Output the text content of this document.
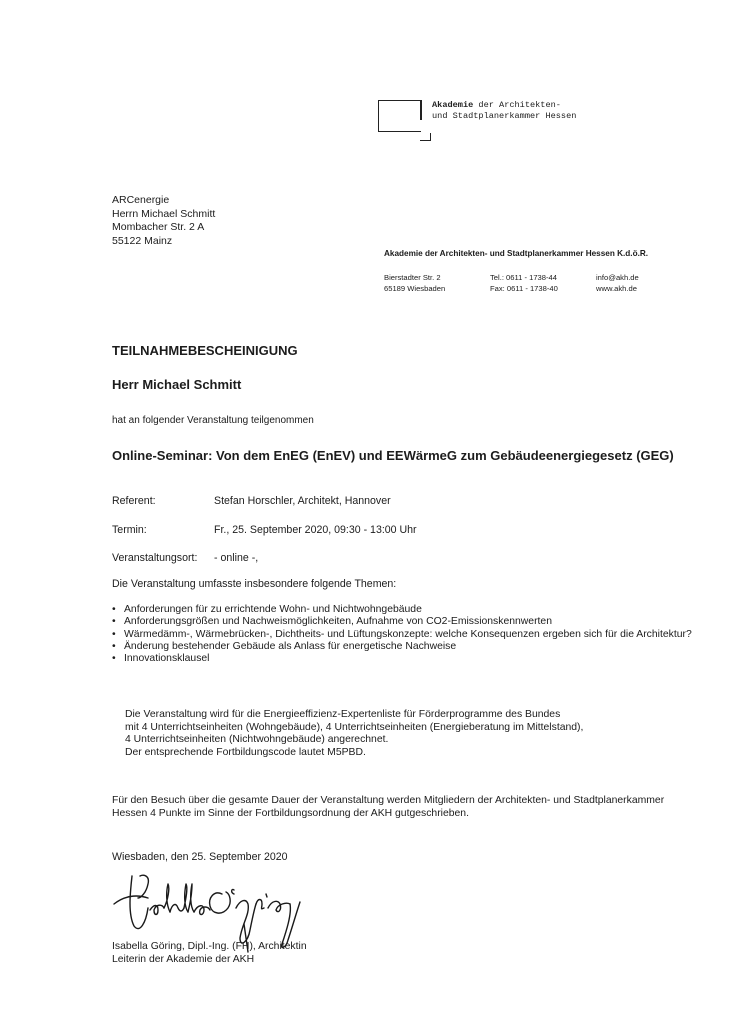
Akademie der Architekten-
und Stadtplanerkammer Hessen
ARCenergie
Herrn Michael Schmitt
Mombacher Str. 2 A
55122 Mainz
Akademie der Architekten- und Stadtplanerkammer Hessen K.d.ö.R.
Bierstadter Str. 2
65189 Wiesbaden
Tel.: 0611 - 1738-44
Fax: 0611 - 1738-40
info@akh.de
www.akh.de
TEILNAHMEBESCHEINIGUNG
Herr Michael Schmitt
hat an folgender Veranstaltung teilgenommen
Online-Seminar: Von dem EnEG (EnEV) und EEWärmeG zum Gebäudeenergiegesetz (GEG)
Referent:	Stefan Horschler, Architekt, Hannover
Termin:	Fr., 25. September 2020, 09:30 - 13:00 Uhr
Veranstaltungsort: - online -,
Die Veranstaltung umfasste insbesondere folgende Themen:
• Anforderungen für zu errichtende Wohn- und Nichtwohngebäude
• Anforderungsgrößen und Nachweismöglichkeiten, Aufnahme von CO2-Emissionskennwerten
• Wärmedämm-, Wärmebrücken-, Dichtheits- und Lüftungskonzepte: welche Konsequenzen ergeben sich für die Architektur?
• Änderung bestehender Gebäude als Anlass für energetische Nachweise
• Innovationsklausel
Die Veranstaltung wird für die Energieeffizienz-Expertenliste für Förderprogramme des Bundes
mit 4 Unterrichtseinheiten (Wohngebäude), 4 Unterrichtseinheiten (Energieberatung im Mittelstand),
4 Unterrichtseinheiten (Nichtwohngebäude) angerechnet.
Der entsprechende Fortbildungscode lautet M5PBD.
Für den Besuch über die gesamte Dauer der Veranstaltung werden Mitgliedern der Architekten- und Stadtplanerkammer Hessen 4 Punkte im Sinne der Fortbildungsordnung der AKH gutgeschrieben.
Wiesbaden, den 25. September 2020
Isabella Göring, Dipl.-Ing. (FH), Architektin
Leiterin der Akademie der AKH
